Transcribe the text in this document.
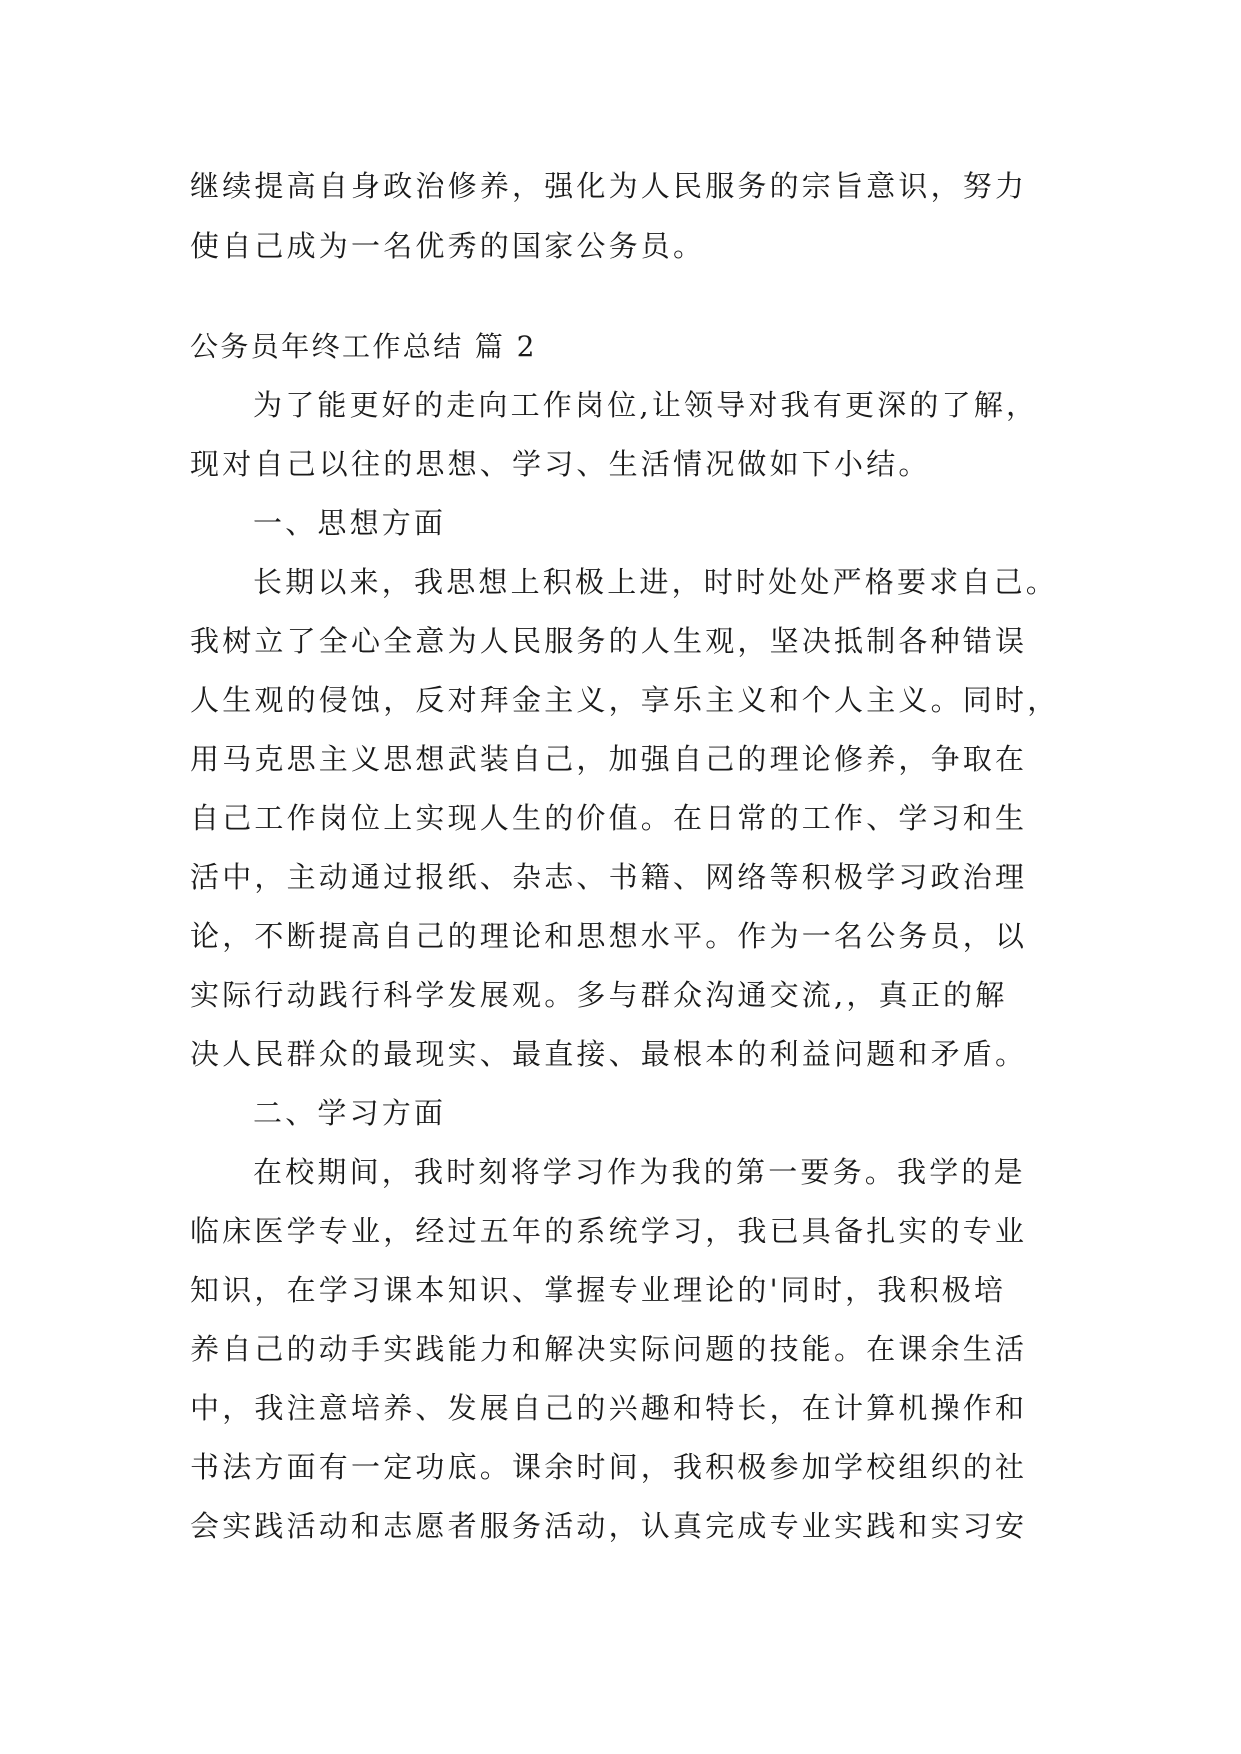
继续提高自身政治修养，强化为人民服务的宗旨意识，努力
使自己成为一名优秀的国家公务员。
公务员年终工作总结 篇 2
为了能更好的走向工作岗位,让领导对我有更深的了解，
现对自己以往的思想、学习、生活情况做如下小结。
一、思想方面
长期以来，我思想上积极上进，时时处处严格要求自己。
我树立了全心全意为人民服务的人生观，坚决抵制各种错误
人生观的侵蚀，反对拜金主义，享乐主义和个人主义。同时，
用马克思主义思想武装自己，加强自己的理论修养，争取在
自己工作岗位上实现人生的价值。在日常的工作、学习和生
活中，主动通过报纸、杂志、书籍、网络等积极学习政治理
论，不断提高自己的理论和思想水平。作为一名公务员，以
实际行动践行科学发展观。多与群众沟通交流,，真正的解
决人民群众的最现实、最直接、最根本的利益问题和矛盾。
二、学习方面
在校期间，我时刻将学习作为我的第一要务。我学的是
临床医学专业，经过五年的系统学习，我已具备扎实的专业
知识，在学习课本知识、掌握专业理论的'同时，我积极培
养自己的动手实践能力和解决实际问题的技能。在课余生活
中，我注意培养、发展自己的兴趣和特长，在计算机操作和
书法方面有一定功底。课余时间，我积极参加学校组织的社
会实践活动和志愿者服务活动，认真完成专业实践和实习安
